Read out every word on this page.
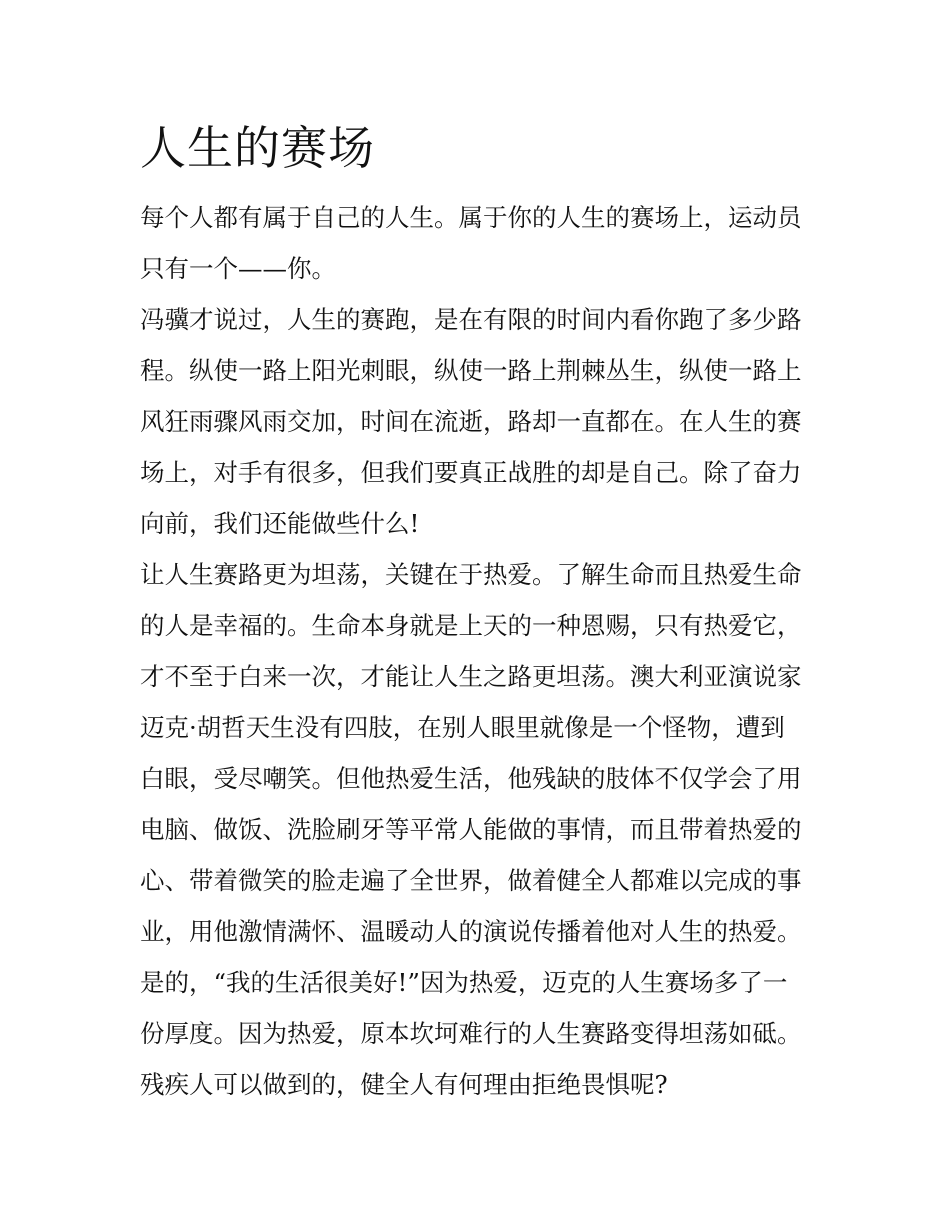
人生的赛场

每个人都有属于自己的人生。属于你的人生的赛场上，运动员

只有一个——你。

冯骥才说过，人生的赛跑，是在有限的时间内看你跑了多少路

程。纵使一路上阳光刺眼，纵使一路上荆棘丛生，纵使一路上

风狂雨骤风雨交加，时间在流逝，路却一直都在。在人生的赛

场上，对手有很多，但我们要真正战胜的却是自己。除了奋力

向前，我们还能做些什么!

让人生赛路更为坦荡，关键在于热爱。了解生命而且热爱生命

的人是幸福的。生命本身就是上天的一种恩赐，只有热爱它，

才不至于白来一次，才能让人生之路更坦荡。澳大利亚演说家

迈克·胡哲天生没有四肢，在别人眼里就像是一个怪物，遭到

白眼，受尽嘲笑。但他热爱生活，他残缺的肢体不仅学会了用

电脑、做饭、洗脸刷牙等平常人能做的事情，而且带着热爱的

心、带着微笑的脸走遍了全世界，做着健全人都难以完成的事

业，用他激情满怀、温暖动人的演说传播着他对人生的热爱。

是的，“我的生活很美好!”因为热爱，迈克的人生赛场多了一

份厚度。因为热爱，原本坎坷难行的人生赛路变得坦荡如砥。

残疾人可以做到的，健全人有何理由拒绝畏惧呢?
